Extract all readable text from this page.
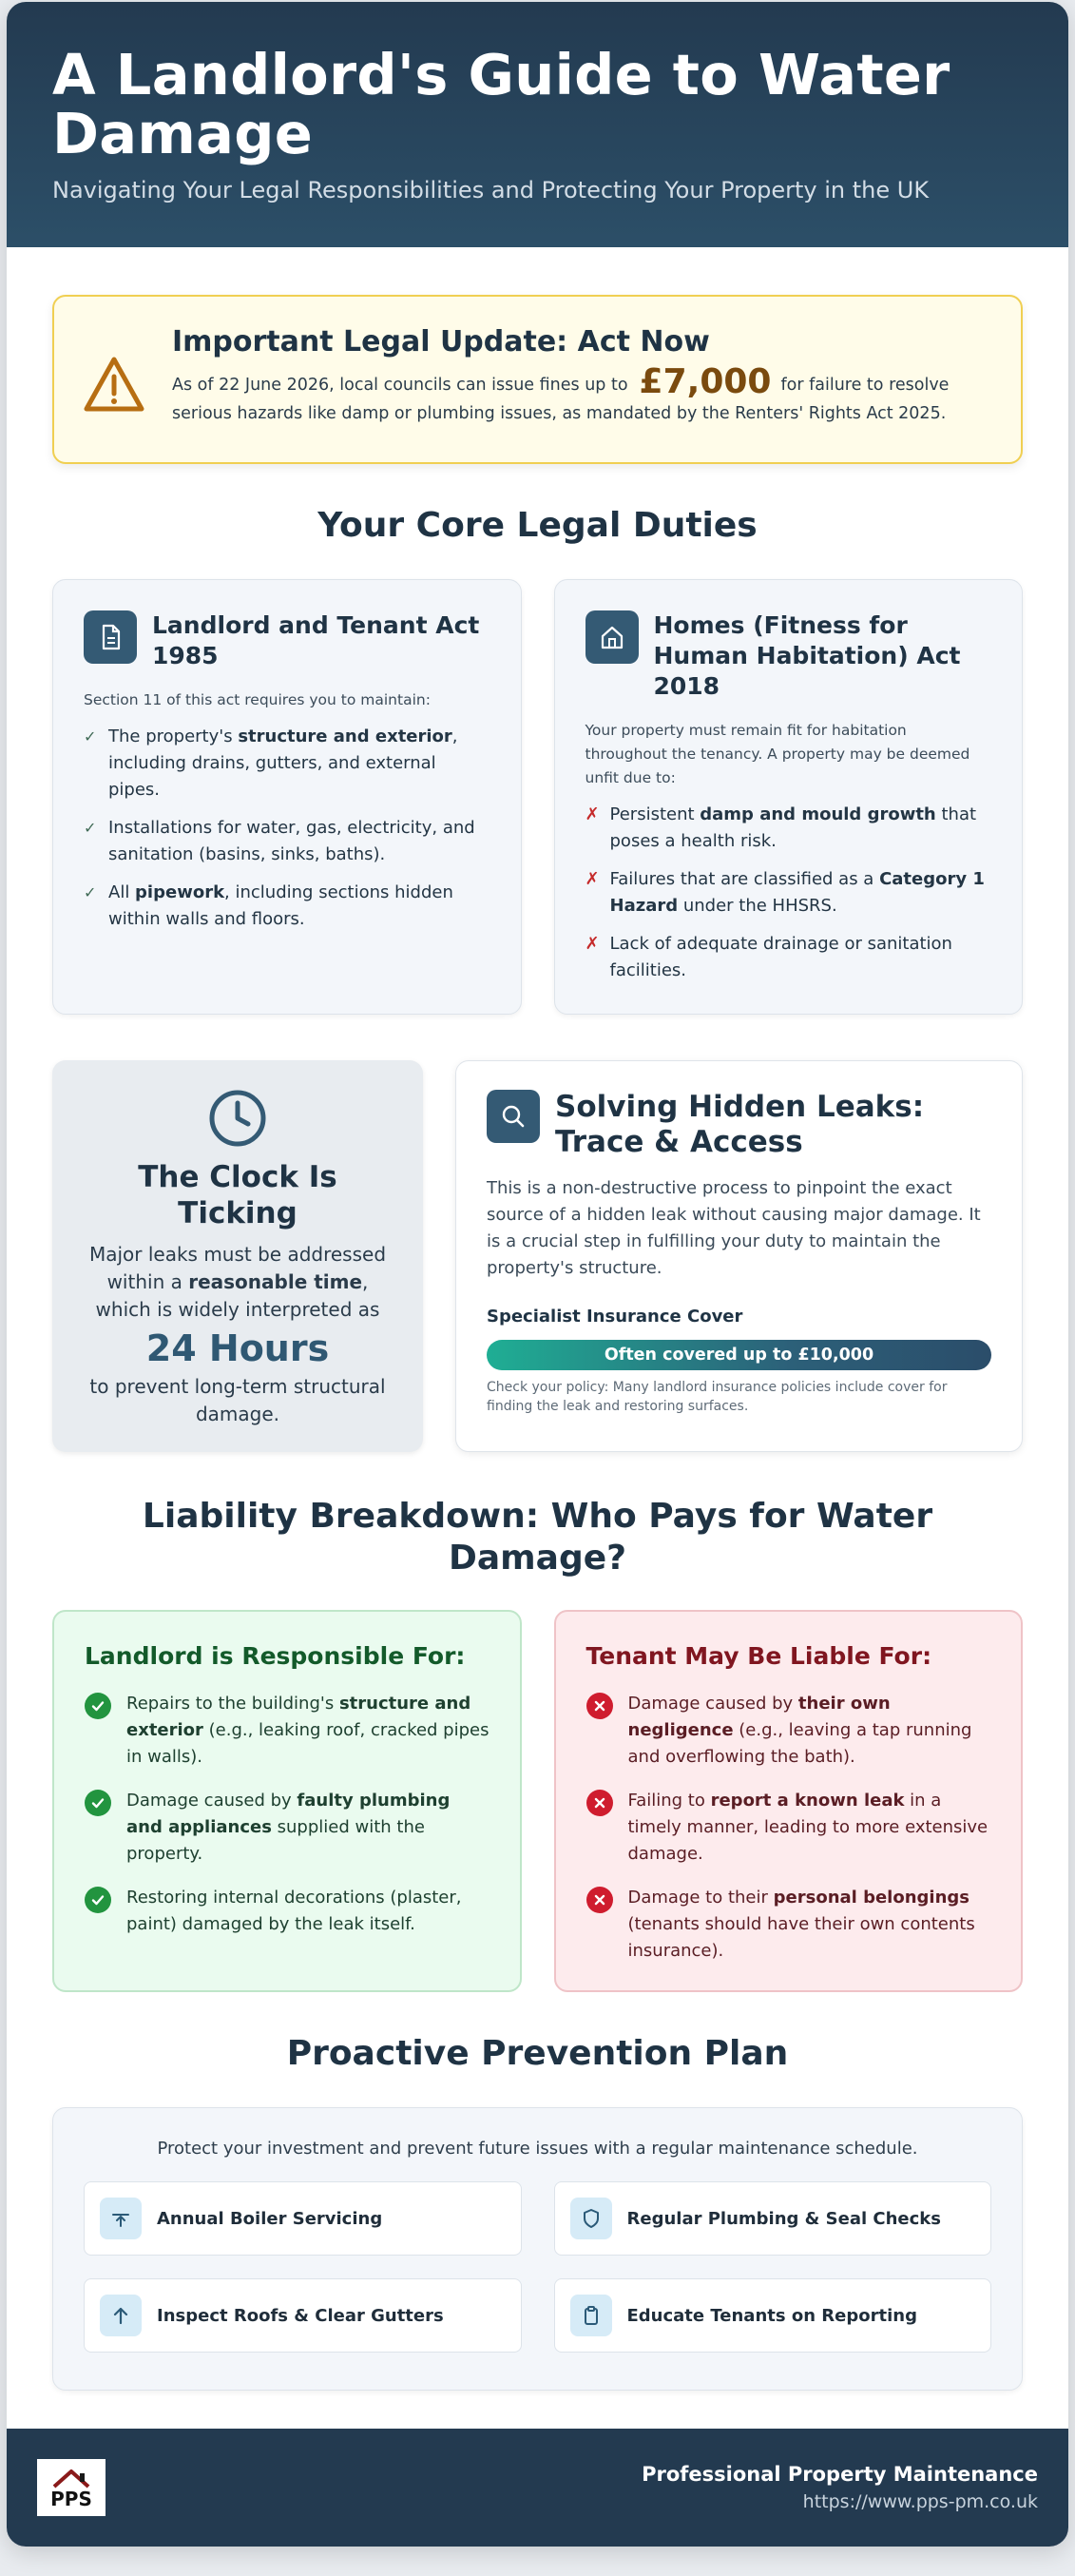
A Landlord's Guide to Water Damage
Navigating Your Legal Responsibilities and Protecting Your Property in the UK
Important Legal Update: Act Now

As of 22 June 2026, local councils can issue fines up to £7,000 for failure to resolve serious hazards like damp or plumbing issues, as mandated by the Renters' Rights Act 2025.

Your Core Legal Duties
Landlord and Tenant Act 1985

Section 11 of this act requires you to maintain:

✓ The property's structure and exterior, including drains, gutters, and external pipes.
✓ Installations for water, gas, electricity, and sanitation (basins, sinks, baths).
✓ All pipework, including sections hidden within walls and floors.
Homes (Fitness for Human Habitation) Act 2018

Your property must remain fit for habitation throughout the tenancy. A property may be deemed unfit due to:

✗ Persistent damp and mould growth that poses a health risk.
✗ Failures that are classified as a Category 1 Hazard under the HHSRS.
✗ Lack of adequate drainage or sanitation facilities.
The Clock Is Ticking

Major leaks must be addressed within a reasonable time, which is widely interpreted as

24 Hours

to prevent long-term structural damage.

Solving Hidden Leaks: Trace & Access

This is a non-destructive process to pinpoint the exact source of a hidden leak without causing major damage. It is a crucial step in fulfilling your duty to maintain the property's structure.

Specialist Insurance Cover
Often covered up to £10,000

Check your policy: Many landlord insurance policies include cover for finding the leak and restoring surfaces.

Liability Breakdown: Who Pays for Water Damage?
Landlord is Responsible For:
Repairs to the building's structure and exterior (e.g., leaking roof, cracked pipes in walls).
Damage caused by faulty plumbing and appliances supplied with the property.
Restoring internal decorations (plaster, paint) damaged by the leak itself.
Tenant May Be Liable For:
Damage caused by their own negligence (e.g., leaving a tap running and overflowing the bath).
Failing to report a known leak in a timely manner, leading to more extensive damage.
Damage to their personal belongings (tenants should have their own contents insurance).
Proactive Prevention Plan

Protect your investment and prevent future issues with a regular maintenance schedule.

Annual Boiler Servicing	Regular Plumbing & Seal Checks
Inspect Roofs & Clear Gutters	Educate Tenants on Reporting
PPS
Professional Property Maintenance
https://www.pps-pm.co.uk
